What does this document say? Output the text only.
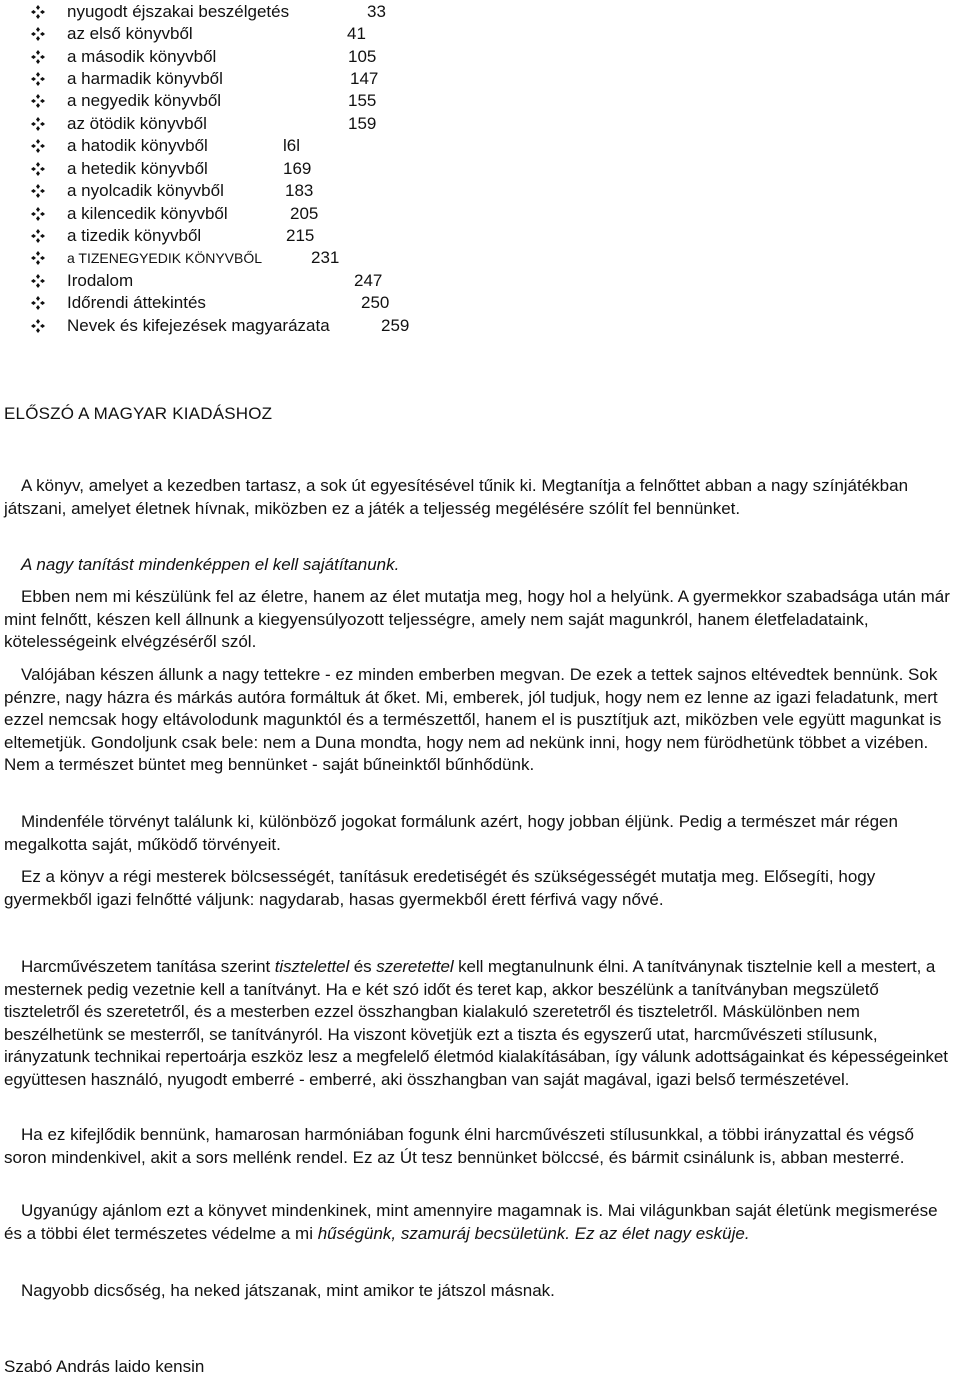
nyugodt éjszakai beszélgetés	33
az első könyvből	41
a második könyvből	105
a harmadik könyvből	147
a negyedik könyvből	155
az ötödik könyvből	159
a hatodik könyvből	l6l
a hetedik könyvből	169
a nyolcadik könyvből	183
a kilencedik könyvből	205
a tizedik könyvből	215
a TIZENEGYEDIK KÖNYVBŐL	231
Irodalom	247
Időrendi áttekintés	250
Nevek és kifejezések magyarázata	259
ELŐSZÓ A MAGYAR KIADÁSHOZ

A könyv, amelyet a kezedben tartasz, a sok út egyesítésével tűnik ki. Megtanítja a felnőttet abban a nagy színjátékban játszani, amelyet életnek hívnak, miközben ez a játék a teljesség megélésére szólít fel bennünket.

A nagy tanítást mindenképpen el kell sajátítanunk.

Ebben nem mi készülünk fel az életre, hanem az élet mutatja meg, hogy hol a helyünk. A gyermekkor szabadsága után már mint felnőtt, készen kell állnunk a kiegyensúlyozott teljességre, amely nem saját magunkról, hanem életfeladataink, kötelességeink elvégzéséről szól.

Valójában készen állunk a nagy tettekre - ez minden emberben megvan. De ezek a tettek sajnos eltévedtek bennünk. Sok pénzre, nagy házra és márkás autóra formáltuk át őket. Mi, emberek, jól tudjuk, hogy nem ez lenne az igazi feladatunk, mert ezzel nemcsak hogy eltávolodunk magunktól és a természettől, hanem el is pusztítjuk azt, miközben vele együtt magunkat is eltemetjük. Gondoljunk csak bele: nem a Duna mondta, hogy nem ad nekünk inni, hogy nem fürödhetünk többet a vizében. Nem a természet büntet meg bennünket - saját bűneinktől bűnhődünk.

Mindenféle törvényt találunk ki, különböző jogokat formálunk azért, hogy jobban éljünk. Pedig a természet már régen megalkotta saját, működő törvényeit.

Ez a könyv a régi mesterek bölcsességét, tanításuk eredetiségét és szükségességét mutatja meg. Elősegíti, hogy gyermekből igazi felnőtté váljunk: nagydarab, hasas gyermekből érett férfivá vagy nővé.

Harcművészetem tanítása szerint tisztelettel és szeretettel kell megtanulnunk élni. A tanítványnak tisztelnie kell a mestert, a mesternek pedig vezetnie kell a tanítványt. Ha e két szó időt és teret kap, akkor beszélünk a tanítványban megszülető tiszteletről és szeretetről, és a mesterben ezzel összhangban kialakuló szeretetről és tiszteletről. Máskülönben nem beszélhetünk se mesterről, se tanítványról. Ha viszont követjük ezt a tiszta és egyszerű utat, harcművészeti stílusunk, irányzatunk technikai repertoárja eszköz lesz a megfelelő életmód kialakításában, így válunk adottságainkat és képességeinket együttesen használó, nyugodt emberré - emberré, aki összhangban van saját magával, igazi belső természetével.

Ha ez kifejlődik bennünk, hamarosan harmóniában fogunk élni harcművészeti stílusunkkal, a többi irányzattal és végső soron mindenkivel, akit a sors mellénk rendel. Ez az Út tesz bennünket bölccsé, és bármit csinálunk is, abban mesterré.

Ugyanúgy ajánlom ezt a könyvet mindenkinek, mint amennyire magamnak is. Mai világunkban saját életünk megismerése és a többi élet természetes védelme a mi hűségünk, szamuráj becsületünk. Ez az élet nagy esküje.

Nagyobb dicsőség, ha neked játszanak, mint amikor te játszol másnak.

Szabó András laido kensin
